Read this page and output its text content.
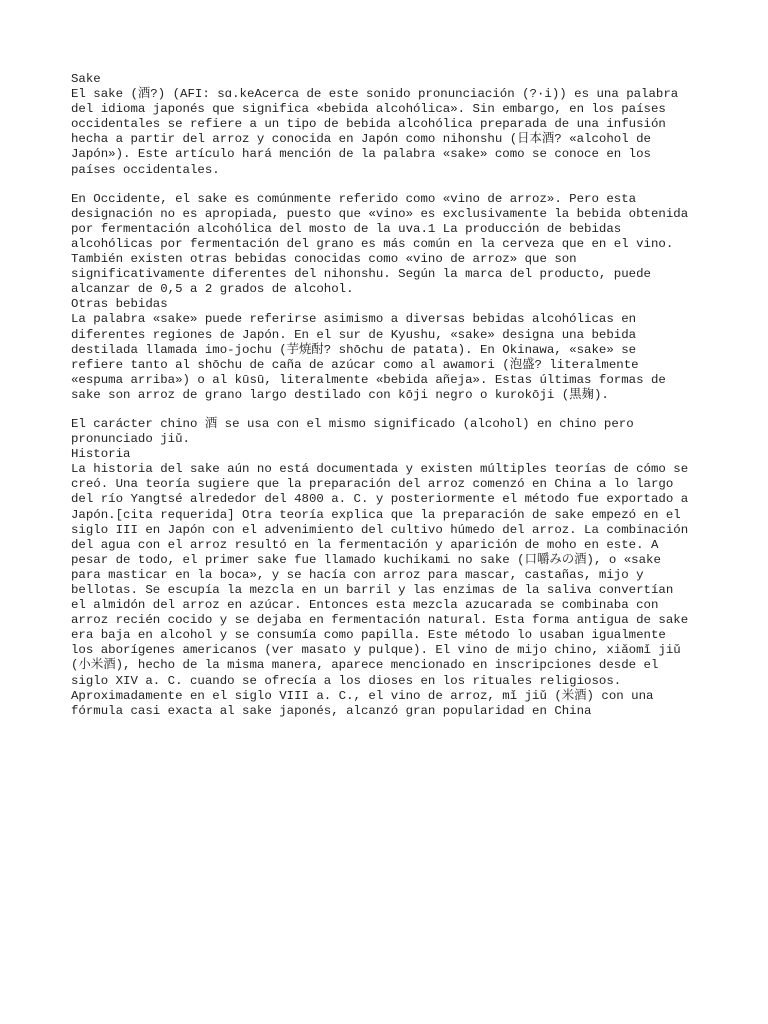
Sake
El sake (酒?) (AFI: sɑ.keAcerca de este sonido pronunciación (?·i)) es una palabra
del idioma japonés que significa «bebida alcohólica». Sin embargo, en los países
occidentales se refiere a un tipo de bebida alcohólica preparada de una infusión
hecha a partir del arroz y conocida en Japón como nihonshu (日本酒? «alcohol de
Japón»). Este artículo hará mención de la palabra «sake» como se conoce en los
países occidentales.
En Occidente, el sake es comúnmente referido como «vino de arroz». Pero esta
designación no es apropiada, puesto que «vino» es exclusivamente la bebida obtenida
por fermentación alcohólica del mosto de la uva.1 La producción de bebidas
alcohólicas por fermentación del grano es más común en la cerveza que en el vino.
También existen otras bebidas conocidas como «vino de arroz» que son
significativamente diferentes del nihonshu. Según la marca del producto, puede
alcanzar de 0,5 a 2 grados de alcohol.
Otras bebidas
La palabra «sake» puede referirse asimismo a diversas bebidas alcohólicas en
diferentes regiones de Japón. En el sur de Kyushu, «sake» designa una bebida
destilada llamada imo-jochu (芋焼酎? shōchu de patata). En Okinawa, «sake» se
refiere tanto al shōchu de caña de azúcar como al awamori (泡盛? literalmente
«espuma arriba») o al kūsū, literalmente «bebida añeja». Estas últimas formas de
sake son arroz de grano largo destilado con kōji negro o kurokōji (黒麹).
El carácter chino 酒 se usa con el mismo significado (alcohol) en chino pero
pronunciado jiǔ.
Historia
La historia del sake aún no está documentada y existen múltiples teorías de cómo se
creó. Una teoría sugiere que la preparación del arroz comenzó en China a lo largo
del río Yangtsé alrededor del 4800 a. C. y posteriormente el método fue exportado a
Japón.[cita requerida] Otra teoría explica que la preparación de sake empezó en el
siglo III en Japón con el advenimiento del cultivo húmedo del arroz. La combinación
del agua con el arroz resultó en la fermentación y aparición de moho en este. A
pesar de todo, el primer sake fue llamado kuchikami no sake (口嚼みの酒), o «sake
para masticar en la boca», y se hacía con arroz para mascar, castañas, mijo y
bellotas. Se escupía la mezcla en un barril y las enzimas de la saliva convertían
el almidón del arroz en azúcar. Entonces esta mezcla azucarada se combinaba con
arroz recién cocido y se dejaba en fermentación natural. Esta forma antigua de sake
era baja en alcohol y se consumía como papilla. Este método lo usaban igualmente
los aborígenes americanos (ver masato y pulque). El vino de mijo chino, xiǎomǐ jiǔ
(小米酒), hecho de la misma manera, aparece mencionado en inscripciones desde el
siglo XIV a. C. cuando se ofrecía a los dioses en los rituales religiosos.
Aproximadamente en el siglo VIII a. C., el vino de arroz, mǐ jiǔ (米酒) con una
fórmula casi exacta al sake japonés, alcanzó gran popularidad en China
